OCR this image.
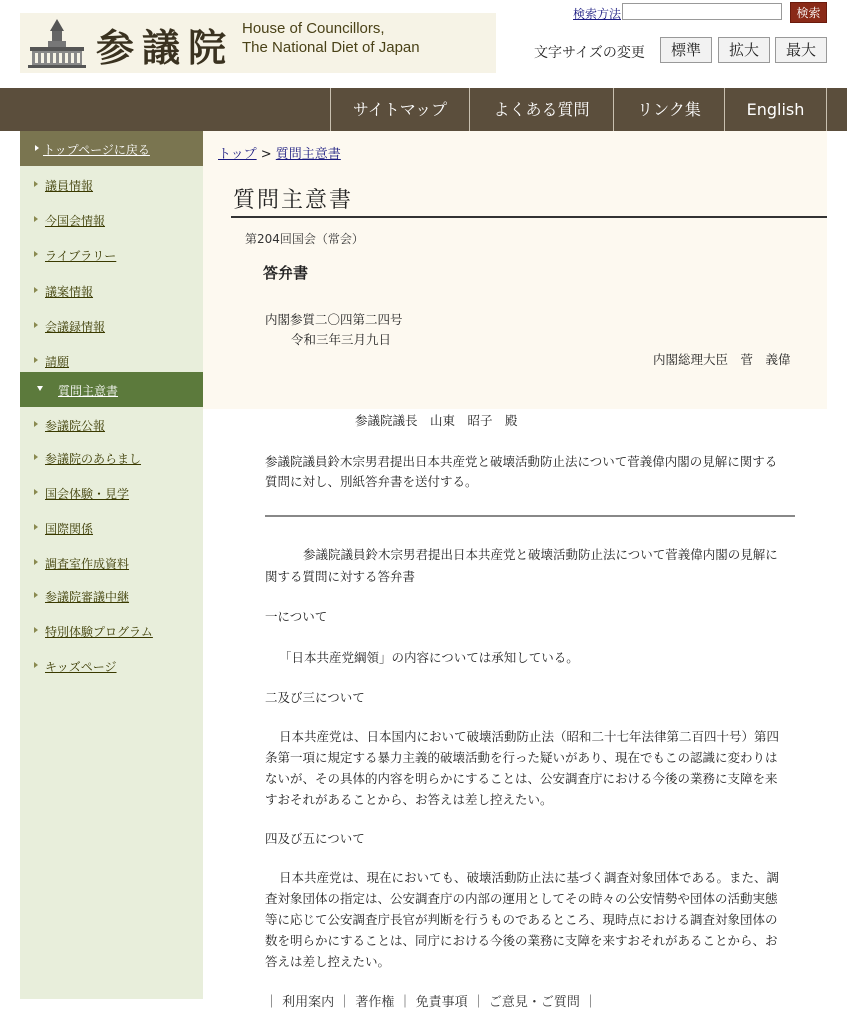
参議院 House of Councillors,
The National Diet of Japan
検索方法	検索
文字サイズの変更	標準	拡大	最大
サイトマップ	よくある質問	リンク集	English
トップページに戻る
議員情報
今国会情報
ライブラリー
議案情報
会議録情報
請願
質問主意書
参議院公報
参議院のあらまし
国会体験・見学
国際関係
調査室作成資料
参議院審議中継
特別体験プログラム
キッズページ
トップ > 質問主意書
質問主意書
第204回国会（常会）
答弁書
内閣参質二〇四第二四号
令和三年三月九日
内閣総理大臣　菅　義偉
参議院議長　山東　昭子　殿
参議院議員鈴木宗男君提出日本共産党と破壊活動防止法について菅義偉内閣の見解に関する
質問に対し、別紙答弁書を送付する。
参議院議員鈴木宗男君提出日本共産党と破壊活動防止法について菅義偉内閣の見解に
関する質問に対する答弁書
一について
「日本共産党綱領」の内容については承知している。
二及び三について
日本共産党は、日本国内において破壊活動防止法（昭和二十七年法律第二百四十号）第四
条第一項に規定する暴力主義的破壊活動を行った疑いがあり、現在でもこの認識に変わりは
ないが、その具体的内容を明らかにすることは、公安調査庁における今後の業務に支障を来
すおそれがあることから、お答えは差し控えたい。
四及び五について
日本共産党は、現在においても、破壊活動防止法に基づく調査対象団体である。また、調
査対象団体の指定は、公安調査庁の内部の運用としてその時々の公安情勢や団体の活動実態
等に応じて公安調査庁長官が判断を行うものであるところ、現時点における調査対象団体の
数を明らかにすることは、同庁における今後の業務に支障を来すおそれがあることから、お
答えは差し控えたい。
｜ 利用案内 ｜ 著作権 ｜ 免責事項 ｜ ご意見・ご質問 ｜
